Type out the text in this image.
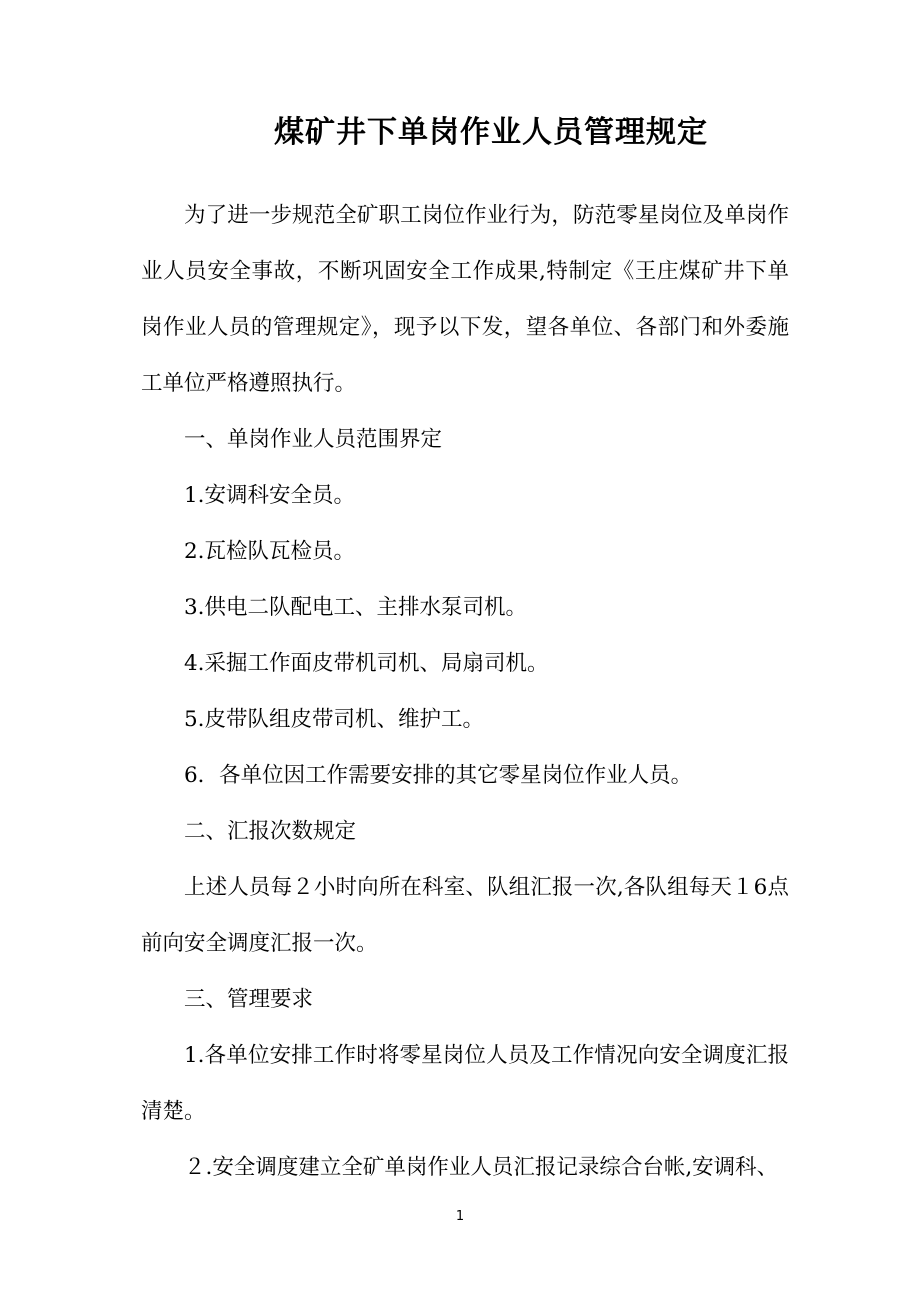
煤矿井下单岗作业人员管理规定

为了进一步规范全矿职工岗位作业行为，防范零星岗位及单岗作业人员安全事故，不断巩固安全工作成果,特制定《王庄煤矿井下单岗作业人员的管理规定》，现予以下发，望各单位、各部门和外委施工单位严格遵照执行。

一、单岗作业人员范围界定

1.安调科安全员。

2.瓦检队瓦检员。

3.供电二队配电工、主排水泵司机。

4.采掘工作面皮带机司机、局扇司机。

5.皮带队组皮带司机、维护工。

6．各单位因工作需要安排的其它零星岗位作业人员。

二、汇报次数规定

上述人员每２小时向所在科室、队组汇报一次,各队组每天１6点前向安全调度汇报一次。

三、管理要求

1.各单位安排工作时将零星岗位人员及工作情况向安全调度汇报清楚。

２.安全调度建立全矿单岗作业人员汇报记录综合台帐,安调科、

1
